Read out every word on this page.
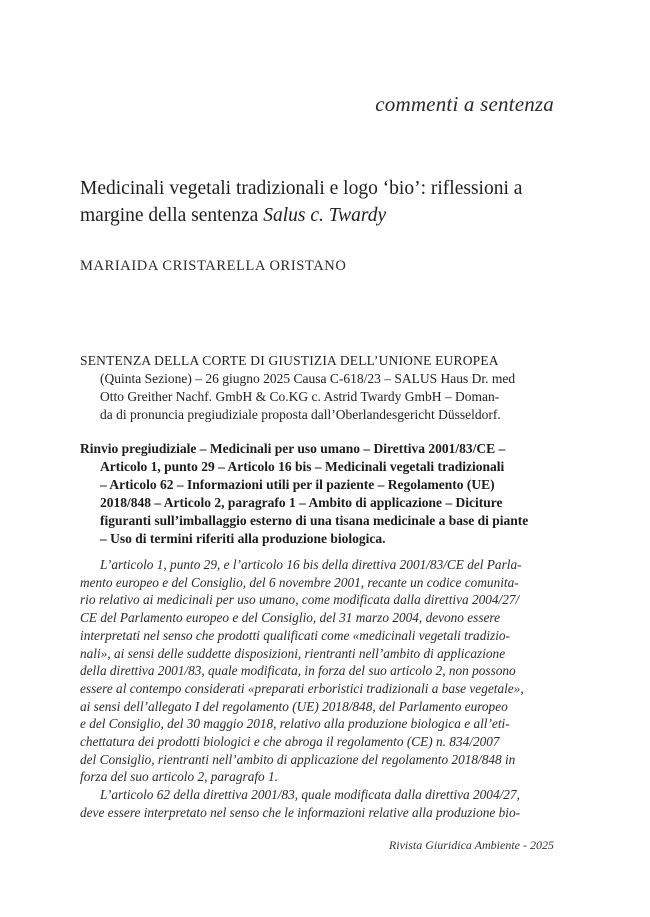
commenti a sentenza
Medicinali vegetali tradizionali e logo ‘bio’: riflessioni a
margine della sentenza Salus c. Twardy
MARIAIDA CRISTARELLA ORISTANO
SENTENZA DELLA CORTE DI GIUSTIZIA DELL’UNIONE EUROPEA
(Quinta Sezione) – 26 giugno 2025 Causa C-618/23 – SALUS Haus Dr. med
Otto Greither Nachf. GmbH & Co.KG c. Astrid Twardy GmbH – Doman-
da di pronuncia pregiudiziale proposta dall’Oberlandesgericht Düsseldorf.
Rinvio pregiudiziale – Medicinali per uso umano – Direttiva 2001/83/CE –
Articolo 1, punto 29 – Articolo 16 bis – Medicinali vegetali tradizionali
– Articolo 62 – Informazioni utili per il paziente – Regolamento (UE)
2018/848 – Articolo 2, paragrafo 1 – Ambito di applicazione – Diciture
figuranti sull’imballaggio esterno di una tisana medicinale a base di piante
– Uso di termini riferiti alla produzione biologica.
L’articolo 1, punto 29, e l’articolo 16 bis della direttiva 2001/83/CE del Parla-
mento europeo e del Consiglio, del 6 novembre 2001, recante un codice comunita-
rio relativo ai medicinali per uso umano, come modificata dalla direttiva 2004/27/
CE del Parlamento europeo e del Consiglio, del 31 marzo 2004, devono essere
interpretati nel senso che prodotti qualificati come «medicinali vegetali tradizio-
nali», ai sensi delle suddette disposizioni, rientranti nell’ambito di applicazione
della direttiva 2001/83, quale modificata, in forza del suo articolo 2, non possono
essere al contempo considerati «preparati erboristici tradizionali a base vegetale»,
ai sensi dell’allegato I del regolamento (UE) 2018/848, del Parlamento europeo
e del Consiglio, del 30 maggio 2018, relativo alla produzione biologica e all’eti-
chettatura dei prodotti biologici e che abroga il regolamento (CE) n. 834/2007
del Consiglio, rientranti nell’ambito di applicazione del regolamento 2018/848 in
forza del suo articolo 2, paragrafo 1.
L’articolo 62 della direttiva 2001/83, quale modificata dalla direttiva 2004/27,
deve essere interpretato nel senso che le informazioni relative alla produzione bio-
Rivista Giuridica Ambiente - 2025
